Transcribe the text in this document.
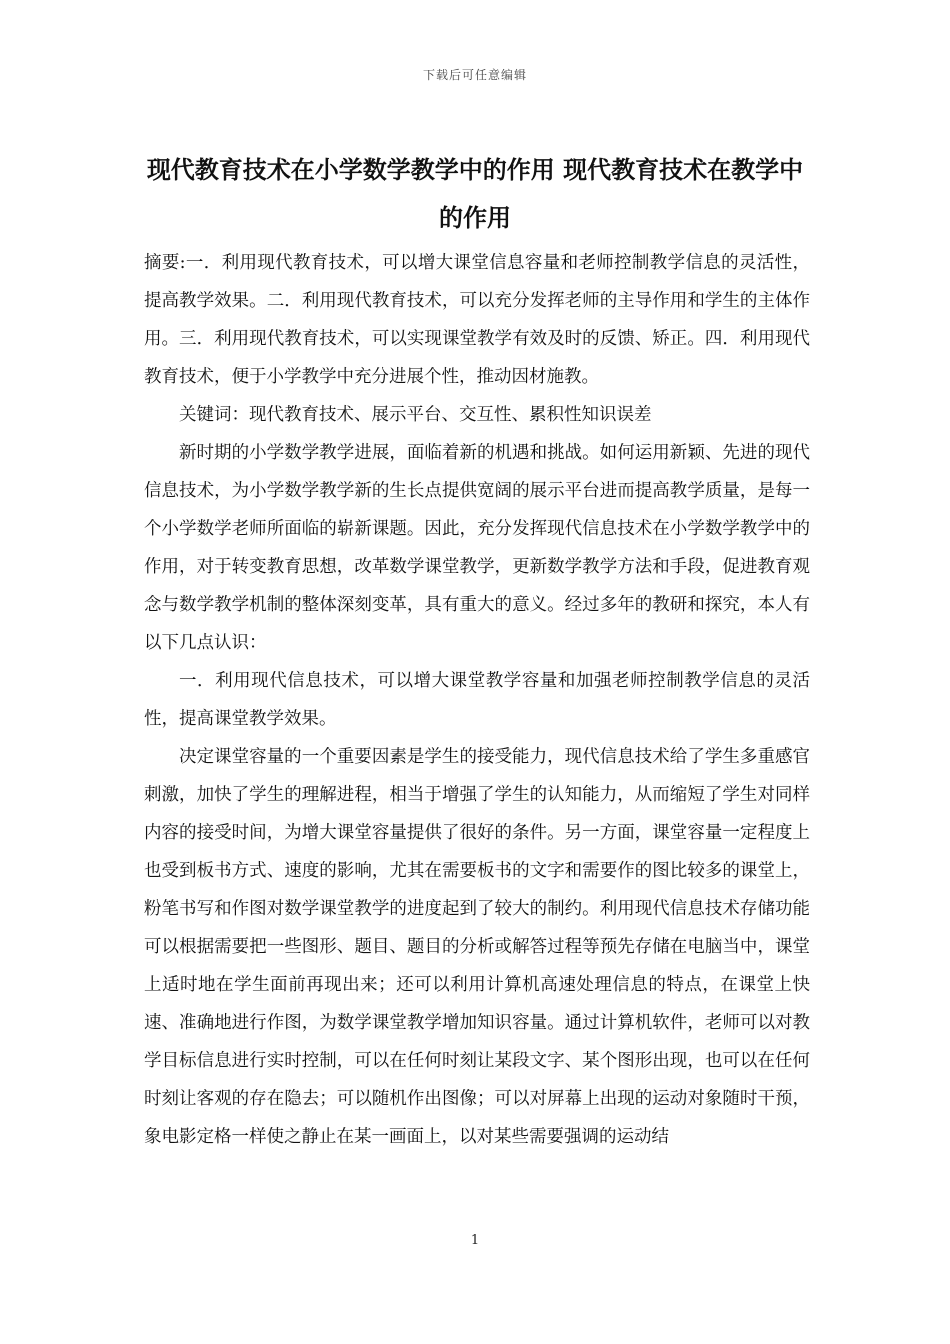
下载后可任意编辑
现代教育技术在小学数学教学中的作用 现代教育技术在教学中的作用

摘要:一．利用现代教育技术，可以增大课堂信息容量和老师控制教学信息的灵活性，提高教学效果。二．利用现代教育技术，可以充分发挥老师的主导作用和学生的主体作用。三．利用现代教育技术，可以实现课堂教学有效及时的反馈、矫正。四．利用现代教育技术，便于小学教学中充分进展个性，推动因材施教。

关键词：现代教育技术、展示平台、交互性、累积性知识误差

新时期的小学数学教学进展，面临着新的机遇和挑战。如何运用新颖、先进的现代信息技术，为小学数学教学新的生长点提供宽阔的展示平台进而提高教学质量，是每一个小学数学老师所面临的崭新课题。因此，充分发挥现代信息技术在小学数学教学中的作用，对于转变教育思想，改革数学课堂教学，更新数学教学方法和手段，促进教育观念与数学教学机制的整体深刻变革，具有重大的意义。经过多年的教研和探究，本人有以下几点认识：

一．利用现代信息技术，可以增大课堂教学容量和加强老师控制教学信息的灵活性，提高课堂教学效果。

决定课堂容量的一个重要因素是学生的接受能力，现代信息技术给了学生多重感官刺激，加快了学生的理解进程，相当于增强了学生的认知能力，从而缩短了学生对同样内容的接受时间，为增大课堂容量提供了很好的条件。另一方面，课堂容量一定程度上也受到板书方式、速度的影响，尤其在需要板书的文字和需要作的图比较多的课堂上，粉笔书写和作图对数学课堂教学的进度起到了较大的制约。利用现代信息技术存储功能可以根据需要把一些图形、题目、题目的分析或解答过程等预先存储在电脑当中，课堂上适时地在学生面前再现出来；还可以利用计算机高速处理信息的特点，在课堂上快速、准确地进行作图，为数学课堂教学增加知识容量。通过计算机软件，老师可以对教学目标信息进行实时控制，可以在任何时刻让某段文字、某个图形出现，也可以在任何时刻让客观的存在隐去；可以随机作出图像；可以对屏幕上出现的运动对象随时干预，象电影定格一样使之静止在某一画面上，以对某些需要强调的运动结

1
